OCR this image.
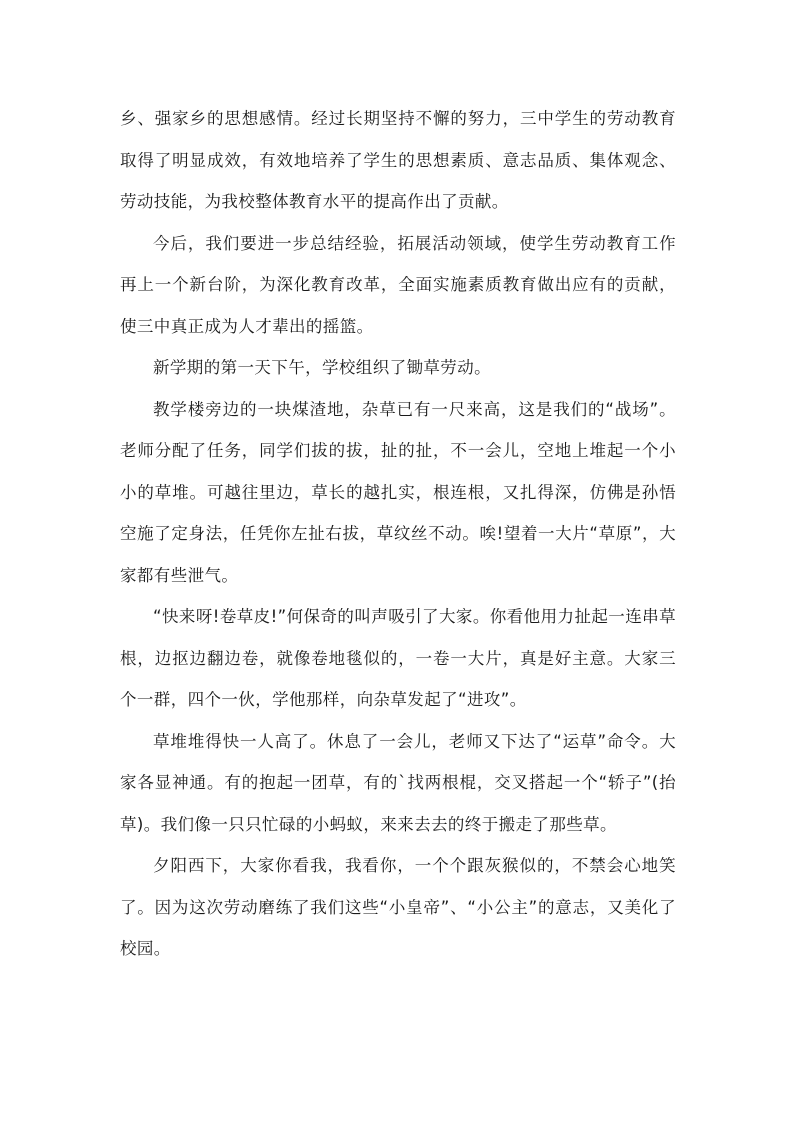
乡、强家乡的思想感情。经过长期坚持不懈的努力，三中学生的劳动教育取得了明显成效，有效地培养了学生的思想素质、意志品质、集体观念、劳动技能，为我校整体教育水平的提高作出了贡献。

今后，我们要进一步总结经验，拓展活动领域，使学生劳动教育工作再上一个新台阶，为深化教育改革，全面实施素质教育做出应有的贡献，使三中真正成为人才辈出的摇篮。

新学期的第一天下午，学校组织了锄草劳动。

教学楼旁边的一块煤渣地，杂草已有一尺来高，这是我们的“战场”。老师分配了任务，同学们拔的拔，扯的扯，不一会儿，空地上堆起一个小小的草堆。可越往里边，草长的越扎实，根连根，又扎得深，仿佛是孙悟空施了定身法，任凭你左扯右拔，草纹丝不动。唉!望着一大片“草原”，大家都有些泄气。

“快来呀!卷草皮!”何保奇的叫声吸引了大家。你看他用力扯起一连串草根，边抠边翻边卷，就像卷地毯似的，一卷一大片，真是好主意。大家三个一群，四个一伙，学他那样，向杂草发起了“进攻”。

草堆堆得快一人高了。休息了一会儿，老师又下达了“运草”命令。大家各显神通。有的抱起一团草，有的`找两根棍，交叉搭起一个“轿子”(抬草)。我们像一只只忙碌的小蚂蚁，来来去去的终于搬走了那些草。

夕阳西下，大家你看我，我看你，一个个跟灰猴似的，不禁会心地笑了。因为这次劳动磨练了我们这些“小皇帝”、“小公主”的意志，又美化了校园。
